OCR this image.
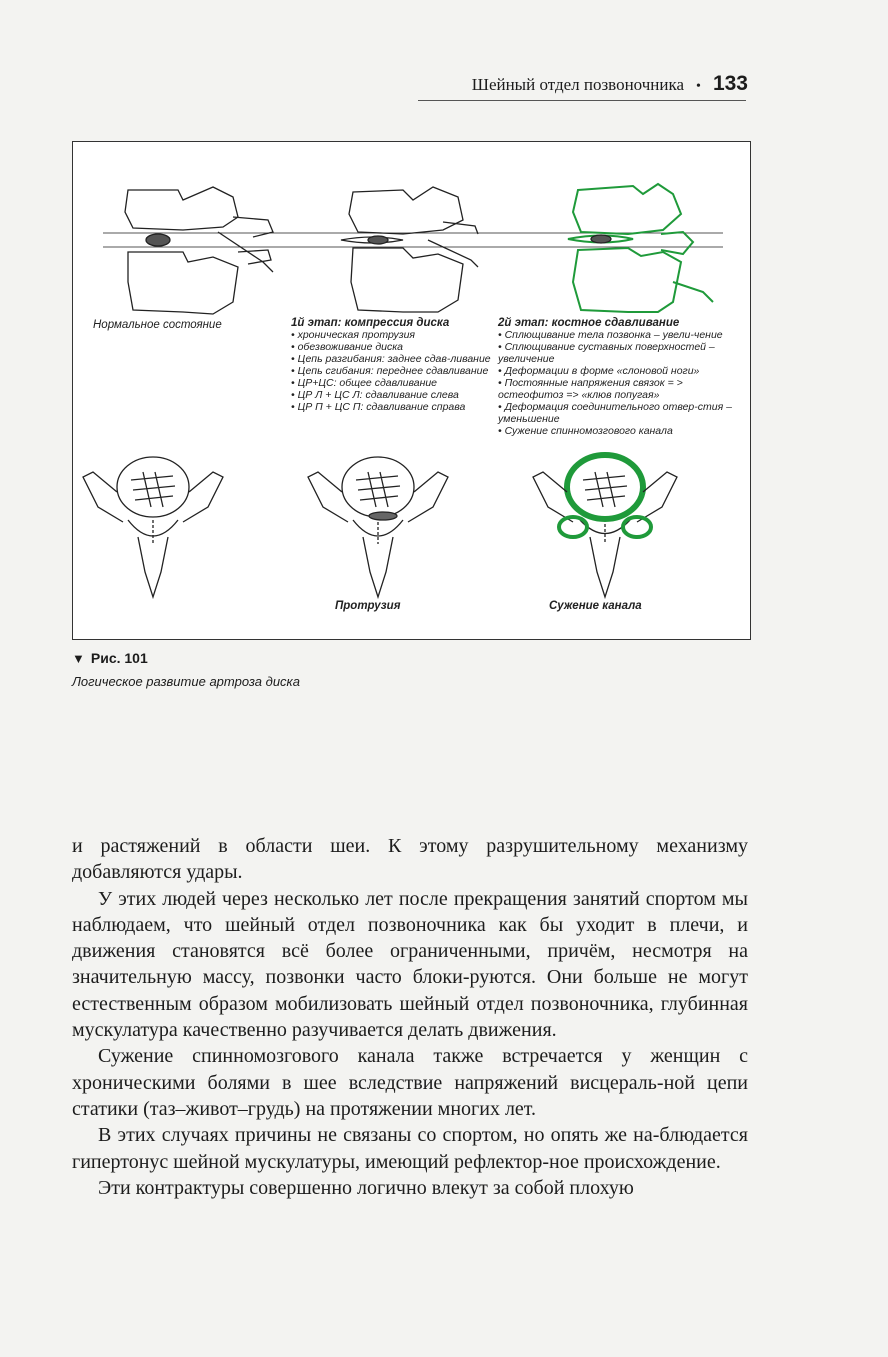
Шейный отдел позвоночника • 133
Нормальное состояние	1й этап: компрессия диска
• хроническая протрузия
• обезвоживание диска
• Цепь разгибания: заднее сдав-ливание
• Цепь сгибания: переднее сдавливание
• ЦР+ЦС: общее сдавливание
• ЦР Л + ЦС Л: сдавливание слева
• ЦР П + ЦС П: сдавливание справа
2й этап: костное сдавливание
• Сплющивание тела позвонка – увели-чение
• Сплющивание суставных поверхностей – увеличение
• Деформации в форме «слоновой ноги»
• Постоянные напряжения связок = > остеофитоз => «клюв попугая»
• Деформация соединительного отвер-стия – уменьшение
• Сужение спинномозгового канала
Протрузия	Сужение канала
▼ Рис. 101
Логическое развитие артроза диска

и растяжений в области шеи. К этому разрушительному механизму добавляются удары.

У этих людей через несколько лет после прекращения занятий спортом мы наблюдаем, что шейный отдел позвоночника как бы уходит в плечи, и движения становятся всё более ограниченными, причём, несмотря на значительную массу, позвонки часто блоки-руются. Они больше не могут естественным образом мобилизовать шейный отдел позвоночника, глубинная мускулатура качественно разучивается делать движения.

Сужение спинномозгового канала также встречается у женщин с хроническими болями в шее вследствие напряжений висцераль-ной цепи статики (таз–живот–грудь) на протяжении многих лет.

В этих случаях причины не связаны со спортом, но опять же на-блюдается гипертонус шейной мускулатуры, имеющий рефлектор-ное происхождение.

Эти контрактуры совершенно логично влекут за собой плохую
